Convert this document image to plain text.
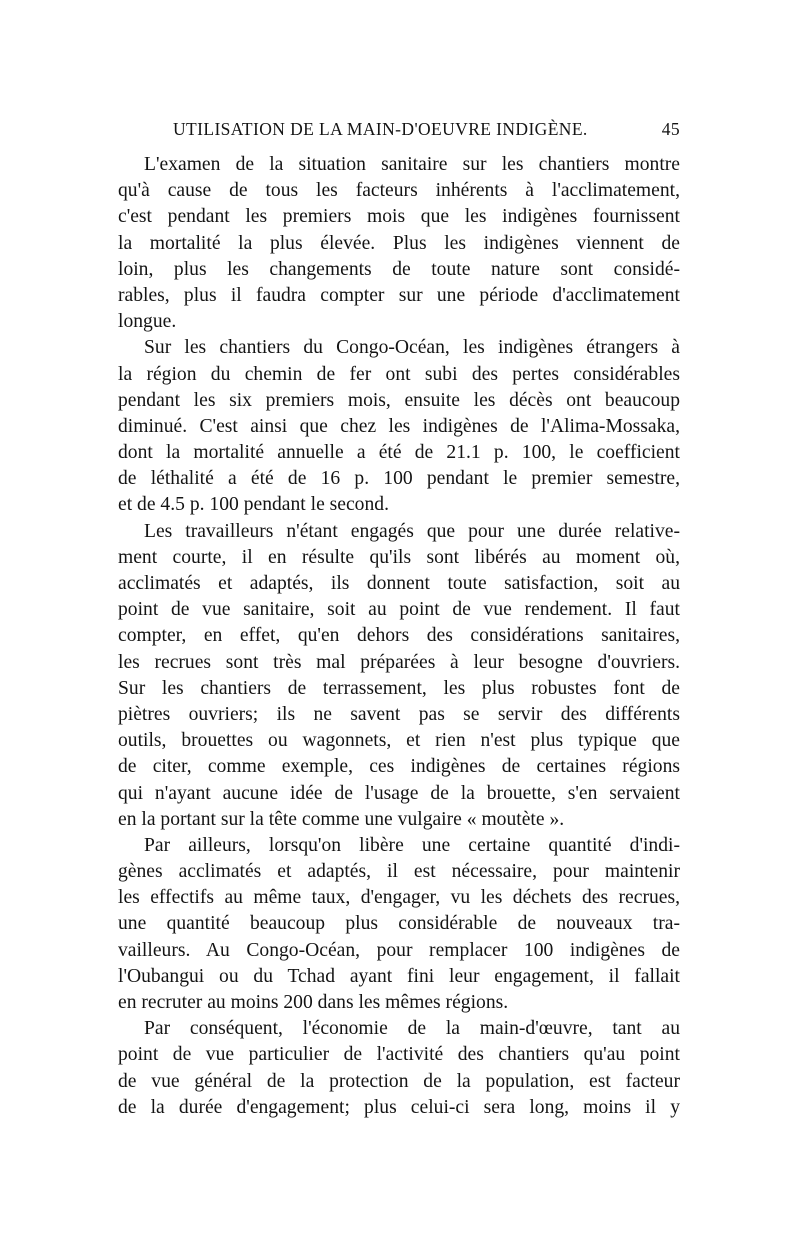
UTILISATION DE LA MAIN-D'OEUVRE INDIGÈNE.	45
L'examen de la situation sanitaire sur les chantiers montre
qu'à cause de tous les facteurs inhérents à l'acclimatement,
c'est pendant les premiers mois que les indigènes fournissent
la mortalité la plus élevée. Plus les indigènes viennent de
loin, plus les changements de toute nature sont considé-
rables, plus il faudra compter sur une période d'acclimatement
longue.
Sur les chantiers du Congo-Océan, les indigènes étrangers à
la région du chemin de fer ont subi des pertes considérables
pendant les six premiers mois, ensuite les décès ont beaucoup
diminué. C'est ainsi que chez les indigènes de l'Alima-Mossaka,
dont la mortalité annuelle a été de 21.1 p. 100, le coefficient
de léthalité a été de 16 p. 100 pendant le premier semestre,
et de 4.5 p. 100 pendant le second.
Les travailleurs n'étant engagés que pour une durée relative-
ment courte, il en résulte qu'ils sont libérés au moment où,
acclimatés et adaptés, ils donnent toute satisfaction, soit au
point de vue sanitaire, soit au point de vue rendement. Il faut
compter, en effet, qu'en dehors des considérations sanitaires,
les recrues sont très mal préparées à leur besogne d'ouvriers.
Sur les chantiers de terrassement, les plus robustes font de
piètres ouvriers; ils ne savent pas se servir des différents
outils, brouettes ou wagonnets, et rien n'est plus typique que
de citer, comme exemple, ces indigènes de certaines régions
qui n'ayant aucune idée de l'usage de la brouette, s'en servaient
en la portant sur la tête comme une vulgaire « moutète ».
Par ailleurs, lorsqu'on libère une certaine quantité d'indi-
gènes acclimatés et adaptés, il est nécessaire, pour maintenir
les effectifs au même taux, d'engager, vu les déchets des recrues,
une quantité beaucoup plus considérable de nouveaux tra-
vailleurs. Au Congo-Océan, pour remplacer 100 indigènes de
l'Oubangui ou du Tchad ayant fini leur engagement, il fallait
en recruter au moins 200 dans les mêmes régions.
Par conséquent, l'économie de la main-d'œuvre, tant au
point de vue particulier de l'activité des chantiers qu'au point
de vue général de la protection de la population, est facteur
de la durée d'engagement; plus celui-ci sera long, moins il y
